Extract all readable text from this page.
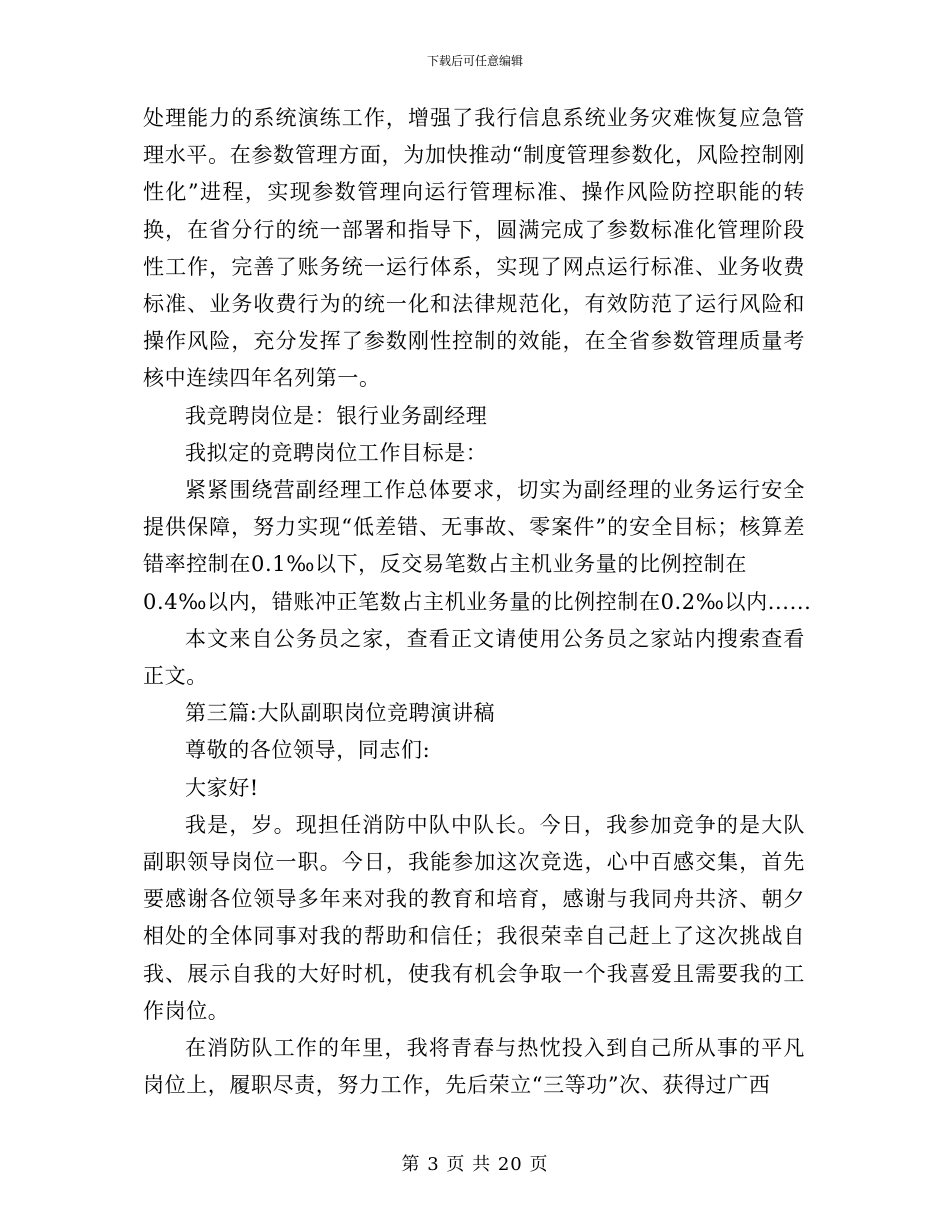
下载后可任意编辑

处理能力的系统演练工作，增强了我行信息系统业务灾难恢复应急管理水平。在参数管理方面，为加快推动“制度管理参数化，风险控制刚性化”进程，实现参数管理向运行管理标准、操作风险防控职能的转换，在省分行的统一部署和指导下，圆满完成了参数标准化管理阶段性工作，完善了账务统一运行体系，实现了网点运行标准、业务收费标准、业务收费行为的统一化和法律规范化，有效防范了运行风险和操作风险，充分发挥了参数刚性控制的效能，在全省参数管理质量考核中连续四年名列第一。

我竞聘岗位是：银行业务副经理

我拟定的竞聘岗位工作目标是：

紧紧围绕营副经理工作总体要求，切实为副经理的业务运行安全提供保障，努力实现“低差错、无事故、零案件”的安全目标；核算差错率控制在0.1‰以下，反交易笔数占主机业务量的比例控制在

0.4‰以内，错账冲正笔数占主机业务量的比例控制在0.2‰以内......

本文来自公务员之家，查看正文请使用公务员之家站内搜索查看正文。

第三篇:大队副职岗位竞聘演讲稿

尊敬的各位领导，同志们:

大家好!

我是，岁。现担任消防中队中队长。今日，我参加竞争的是大队副职领导岗位一职。今日，我能参加这次竞选，心中百感交集，首先要感谢各位领导多年来对我的教育和培育，感谢与我同舟共济、朝夕相处的全体同事对我的帮助和信任；我很荣幸自己赶上了这次挑战自我、展示自我的大好时机，使我有机会争取一个我喜爱且需要我的工作岗位。

在消防队工作的年里，我将青春与热忱投入到自己所从事的平凡岗位上，履职尽责，努力工作，先后荣立“三等功”次、获得过广西

第 3 页 共 20 页
